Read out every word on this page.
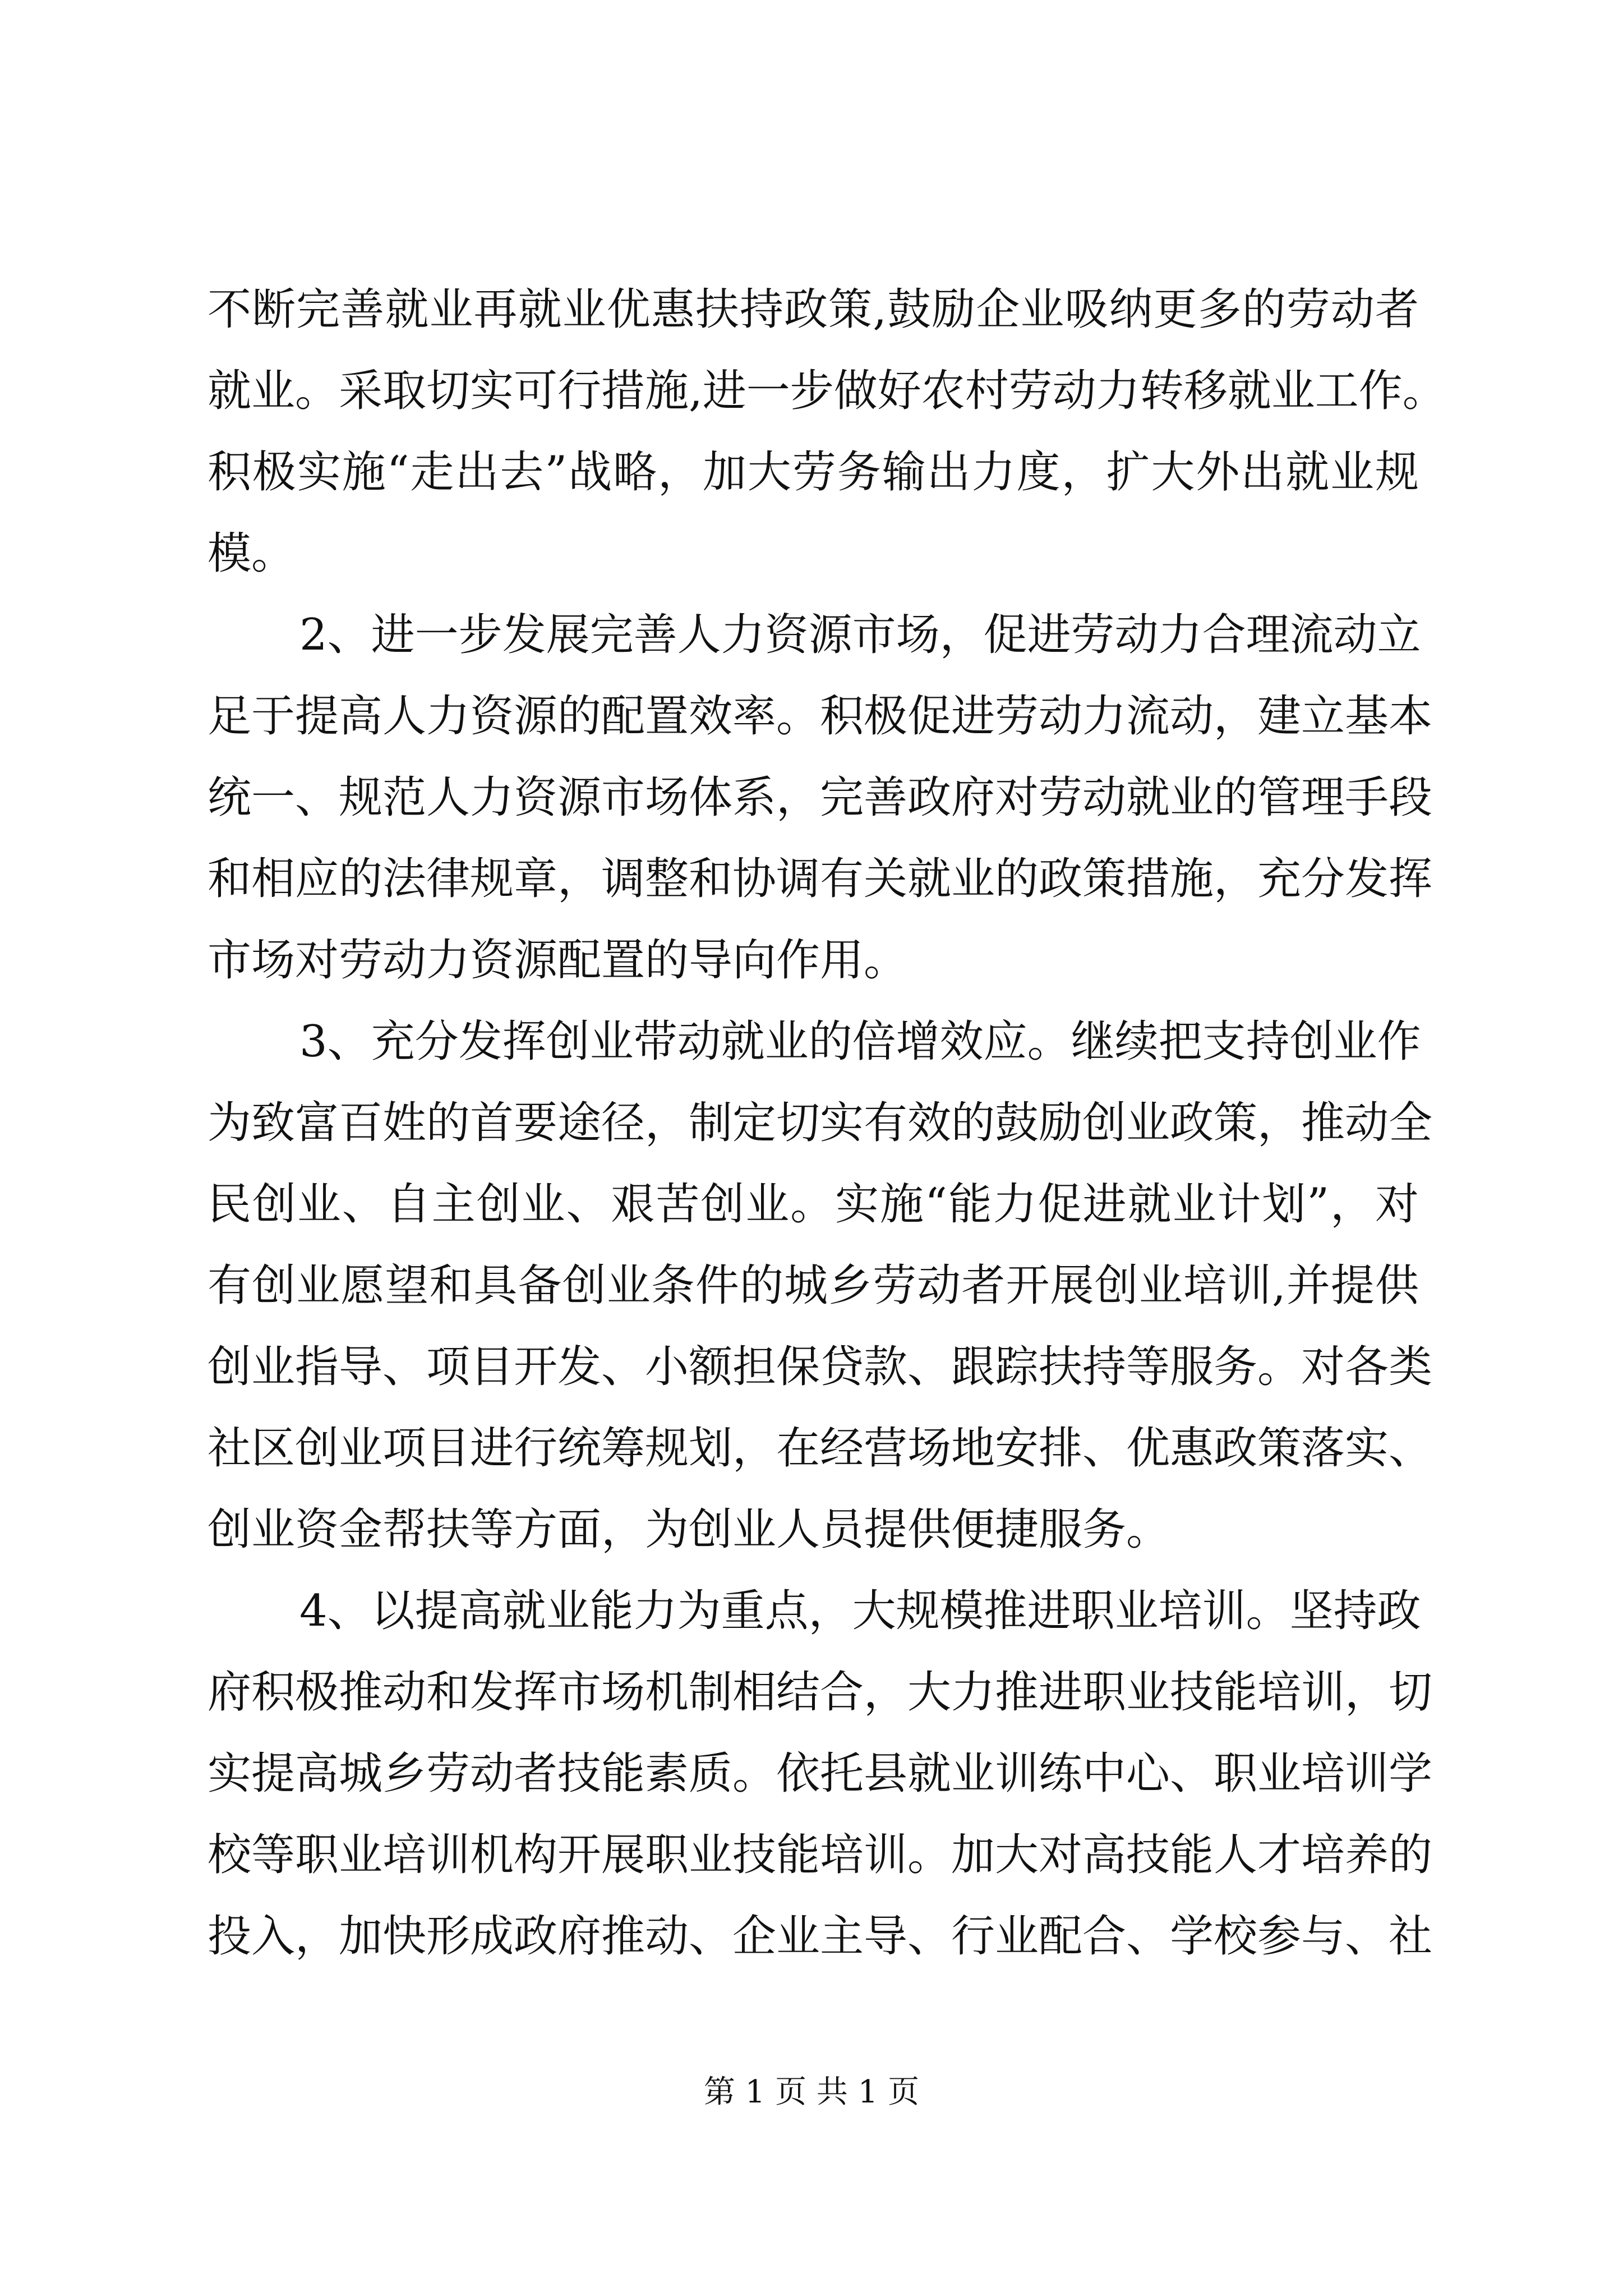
不断完善就业再就业优惠扶持政策,鼓励企业吸纳更多的劳动者
就业。采取切实可行措施,进一步做好农村劳动力转移就业工作。
积极实施“走出去”战略，加大劳务输出力度，扩大外出就业规
模。
2、进一步发展完善人力资源市场，促进劳动力合理流动立
足于提高人力资源的配置效率。积极促进劳动力流动，建立基本
统一、规范人力资源市场体系，完善政府对劳动就业的管理手段
和相应的法律规章，调整和协调有关就业的政策措施，充分发挥
市场对劳动力资源配置的导向作用。
3、充分发挥创业带动就业的倍增效应。继续把支持创业作
为致富百姓的首要途径，制定切实有效的鼓励创业政策，推动全
民创业、自主创业、艰苦创业。实施“能力促进就业计划”，对
有创业愿望和具备创业条件的城乡劳动者开展创业培训,并提供
创业指导、项目开发、小额担保贷款、跟踪扶持等服务。对各类
社区创业项目进行统筹规划，在经营场地安排、优惠政策落实、
创业资金帮扶等方面，为创业人员提供便捷服务。
4、以提高就业能力为重点，大规模推进职业培训。坚持政
府积极推动和发挥市场机制相结合，大力推进职业技能培训，切
实提高城乡劳动者技能素质。依托县就业训练中心、职业培训学
校等职业培训机构开展职业技能培训。加大对高技能人才培养的
投入，加快形成政府推动、企业主导、行业配合、学校参与、社
第 1 页 共 1 页
